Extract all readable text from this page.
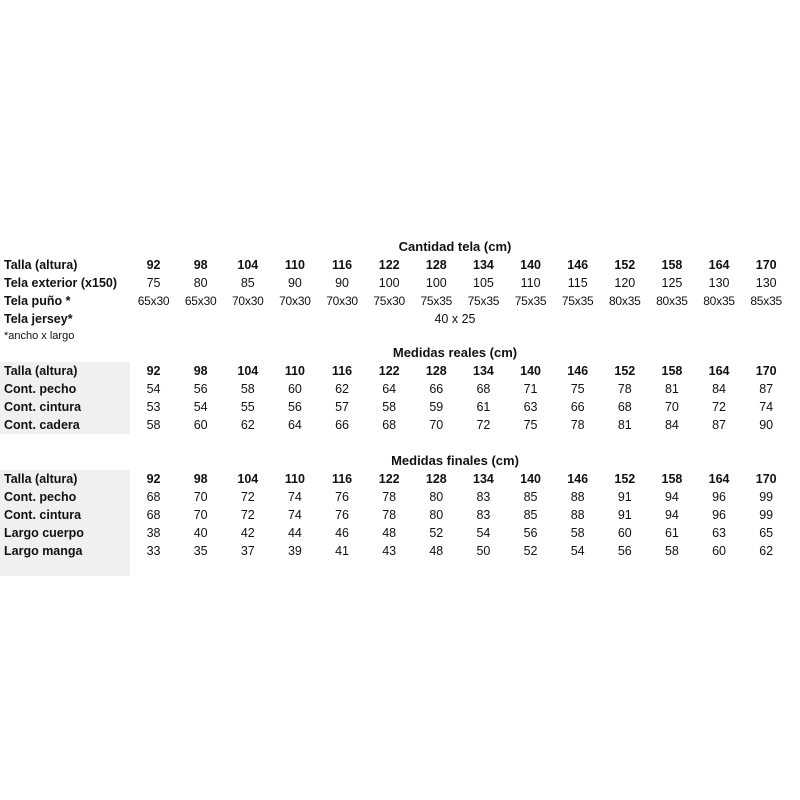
Cantidad tela (cm)
Talla (altura)	92	98	104	110	116	122	128	134	140	146	152	158	164	170
Tela exterior (x150)	75	80	85	90	90	100	100	105	110	115	120	125	130	130
Tela puño *	65x30	65x30	70x30	70x30	70x30	75x30	75x35	75x35	75x35	75x35	80x35	80x35	80x35	85x35
Tela jersey*	40 x 25
*ancho x largo
Medidas reales (cm)
Talla (altura)	92	98	104	110	116	122	128	134	140	146	152	158	164	170
Cont. pecho	54	56	58	60	62	64	66	68	71	75	78	81	84	87
Cont. cintura	53	54	55	56	57	58	59	61	63	66	68	70	72	74
Cont. cadera	58	60	62	64	66	68	70	72	75	78	81	84	87	90
Medidas finales (cm)
Talla (altura)	92	98	104	110	116	122	128	134	140	146	152	158	164	170
Cont. pecho	68	70	72	74	76	78	80	83	85	88	91	94	96	99
Cont. cintura	68	70	72	74	76	78	80	83	85	88	91	94	96	99
Largo cuerpo	38	40	42	44	46	48	52	54	56	58	60	61	63	65
Largo manga	33	35	37	39	41	43	48	50	52	54	56	58	60	62
